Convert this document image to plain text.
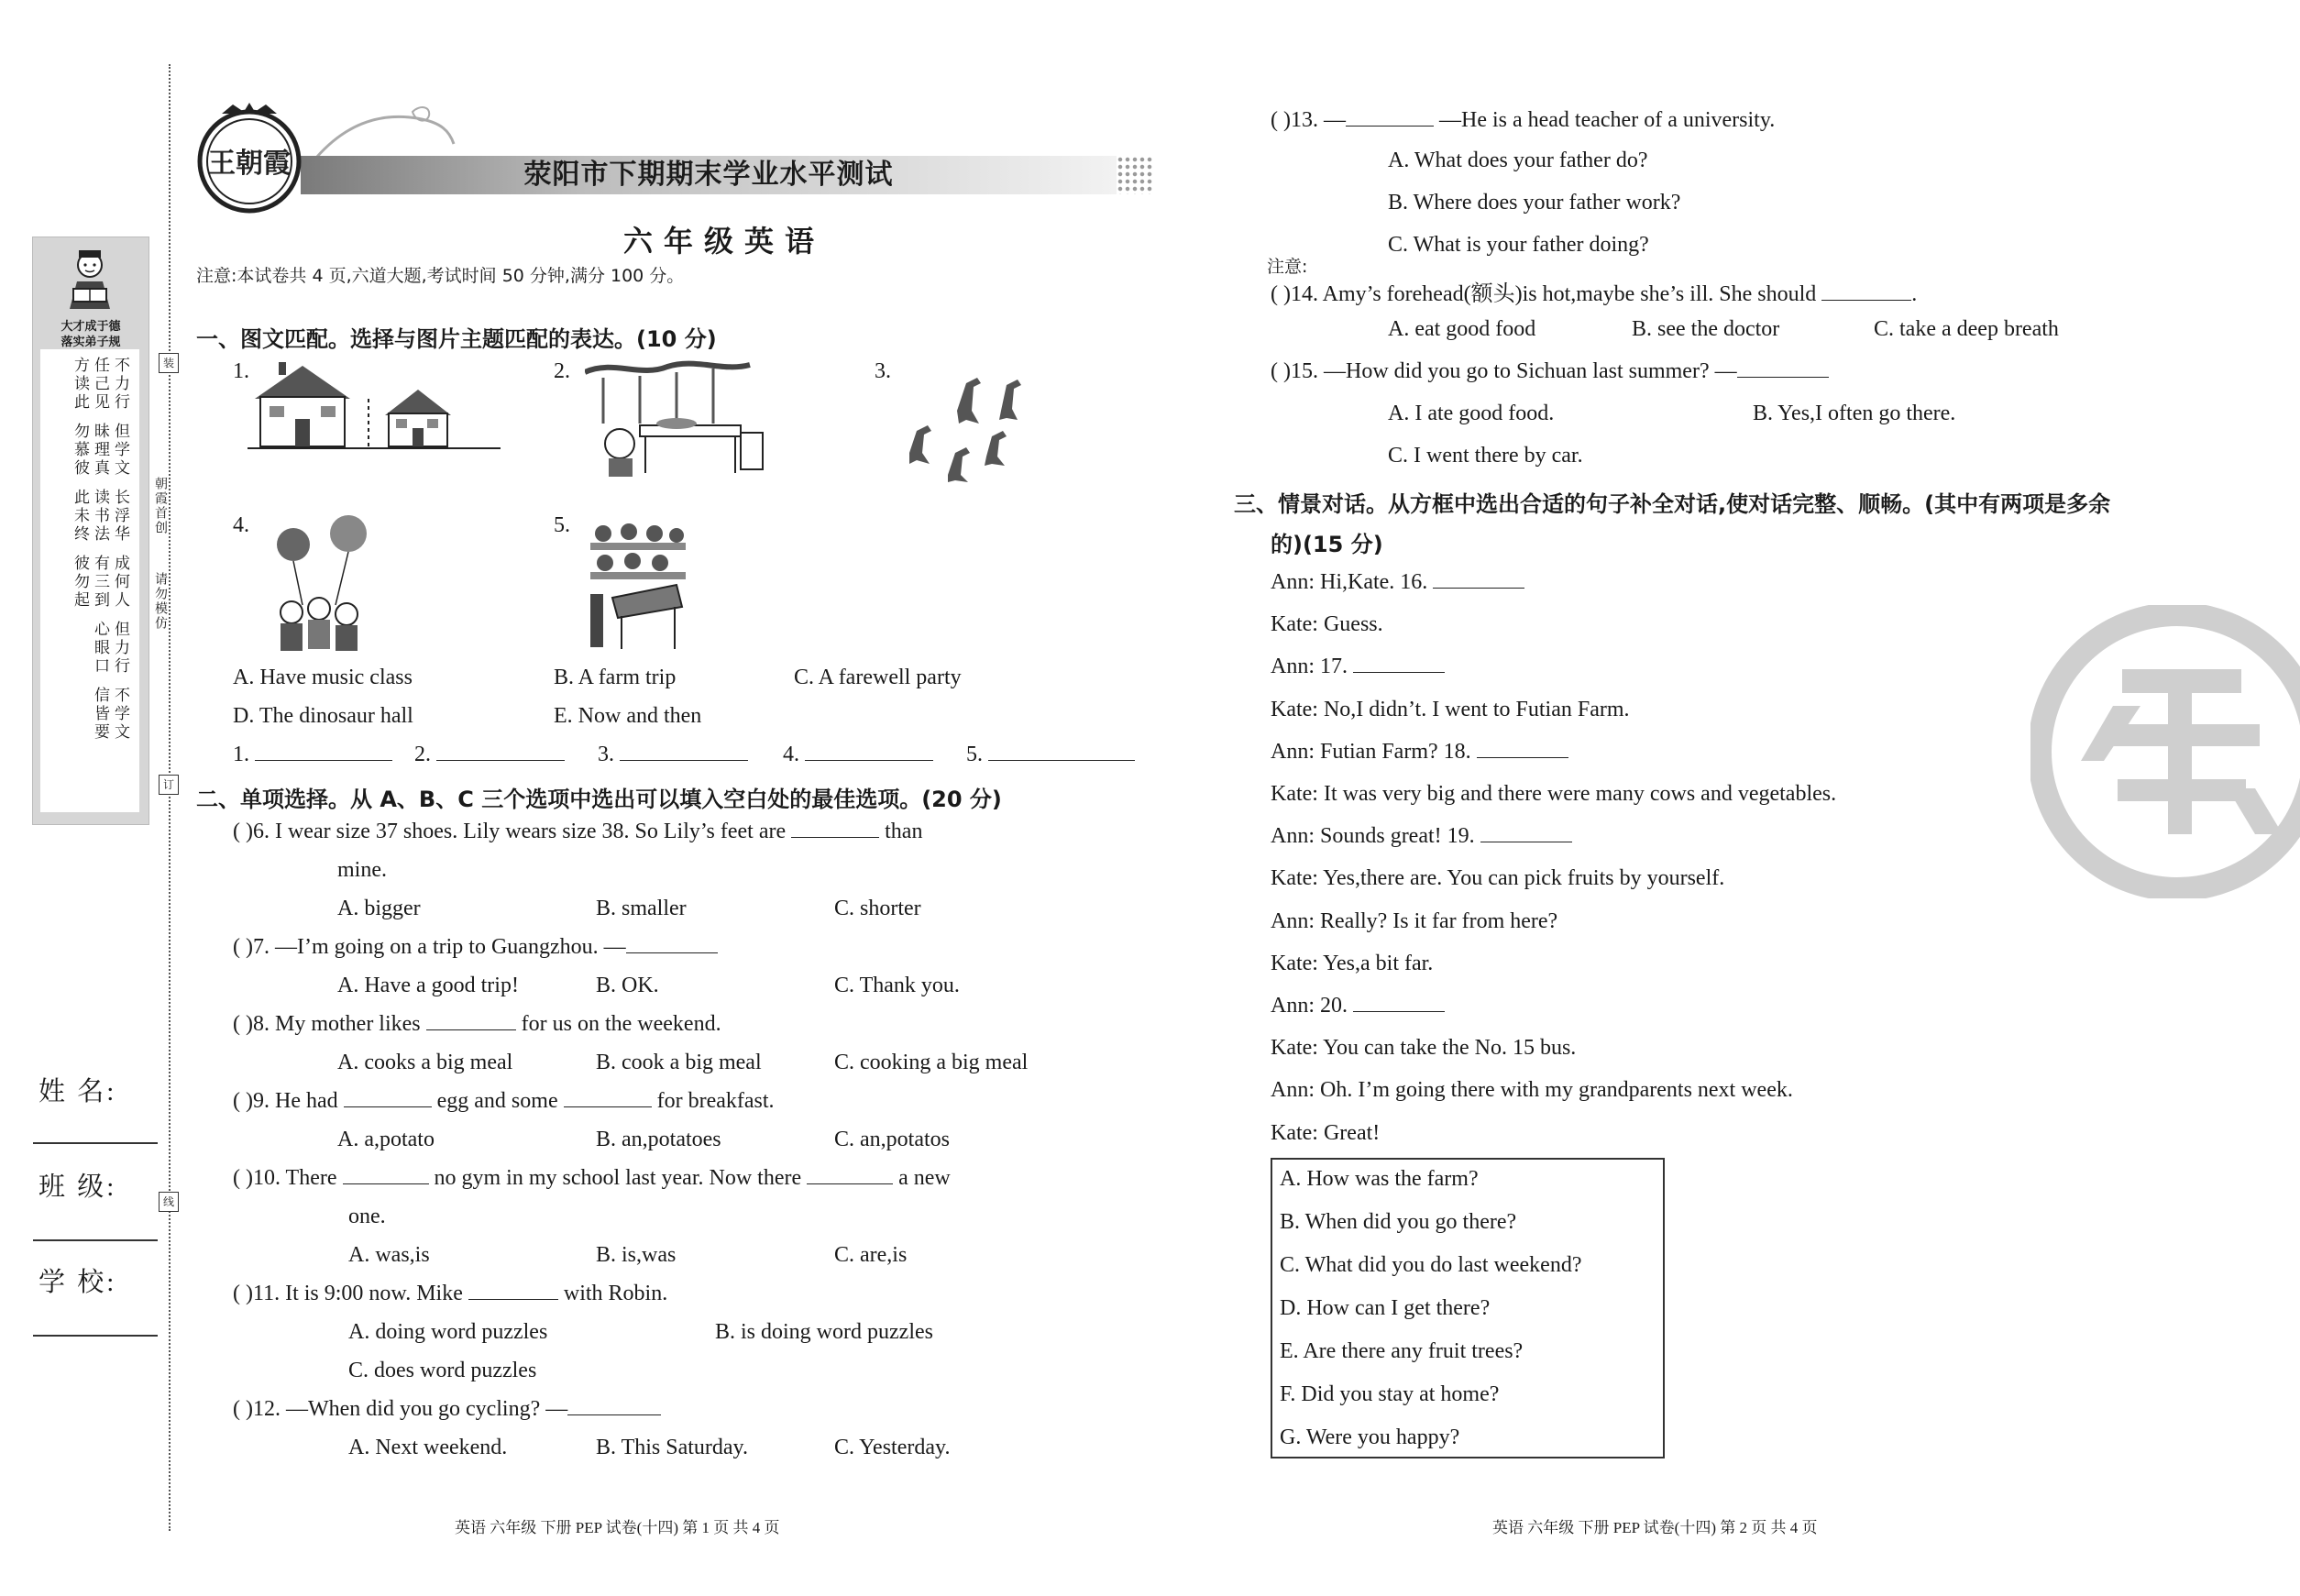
装
订
线
大才成于德
落实弟子规
不力行
任己见
方读此
但学文
昧理真
勿慕彼
长浮华
读书法
此未终
成何人
有三到
彼勿起
但力行
心眼口
不学文
信皆要
朝霞首创
请勿模仿
姓 名:
班 级:
学 校:
荥阳市下期期末学业水平测试
王朝霞
六年级英语
注意:本试卷共 4 页,六道大题,考试时间 50 分钟,满分 100 分。
一、图文匹配。选择与图片主题匹配的表达。(10 分)
1.	2.	3.
4.	5.
A. Have music class	B. A farm trip	C. A farewell party
D. The dinosaur hall	E. Now and then
1.	2.	3.	4.	5.
二、单项选择。从 A、B、C 三个选项中选出可以填入空白处的最佳选项。(20 分)
( )6. I wear size 37 shoes. Lily wears size 38. So Lily’s feet are	than
mine.
A. bigger	B. smaller	C. shorter
( )7. —I’m going on a trip to Guangzhou. —
A. Have a good trip!	B. OK.	C. Thank you.
( )8. My mother likes	for us on the weekend.
A. cooks a big meal	B. cook a big meal	C. cooking a big meal
( )9. He had	egg and some	for breakfast.
A. a,potato	B. an,potatoes	C. an,potatos
( )10. There	no gym in my school last year. Now there	a new
one.
A. was,is	B. is,was	C. are,is
( )11. It is 9:00 now. Mike	with Robin.
A. doing word puzzles	B. is doing word puzzles
C. does word puzzles
( )12. —When did you go cycling? —
A. Next weekend.	B. This Saturday.	C. Yesterday.
英语 六年级 下册 PEP 试卷(十四) 第 1 页 共 4 页
( )13. —	—He is a head teacher of a university.
A. What does your father do?
B. Where does your father work?
C. What is your father doing?
注意:
( )14. Amy’s forehead(额头)is hot,maybe she’s ill. She should	.
A. eat good food	B. see the doctor	C. take a deep breath
( )15. —How did you go to Sichuan last summer? —
A. I ate good food.	B. Yes,I often go there.
C. I went there by car.
三、情景对话。从方框中选出合适的句子补全对话,使对话完整、顺畅。(其中有两项是多余
的)(15 分)
Ann: Hi,Kate. 16.
Kate: Guess.
Ann: 17.
Kate: No,I didn’t. I went to Futian Farm.
Ann: Futian Farm? 18.
Kate: It was very big and there were many cows and vegetables.
Ann: Sounds great! 19.
Kate: Yes,there are. You can pick fruits by yourself.
Ann: Really? Is it far from here?
Kate: Yes,a bit far.
Ann: 20.
Kate: You can take the No. 15 bus.
Ann: Oh. I’m going there with my grandparents next week.
Kate: Great!
A. How was the farm?
B. When did you go there?
C. What did you do last weekend?
D. How can I get there?
E. Are there any fruit trees?
F. Did you stay at home?
G. Were you happy?
英语 六年级 下册 PEP 试卷(十四) 第 2 页 共 4 页
